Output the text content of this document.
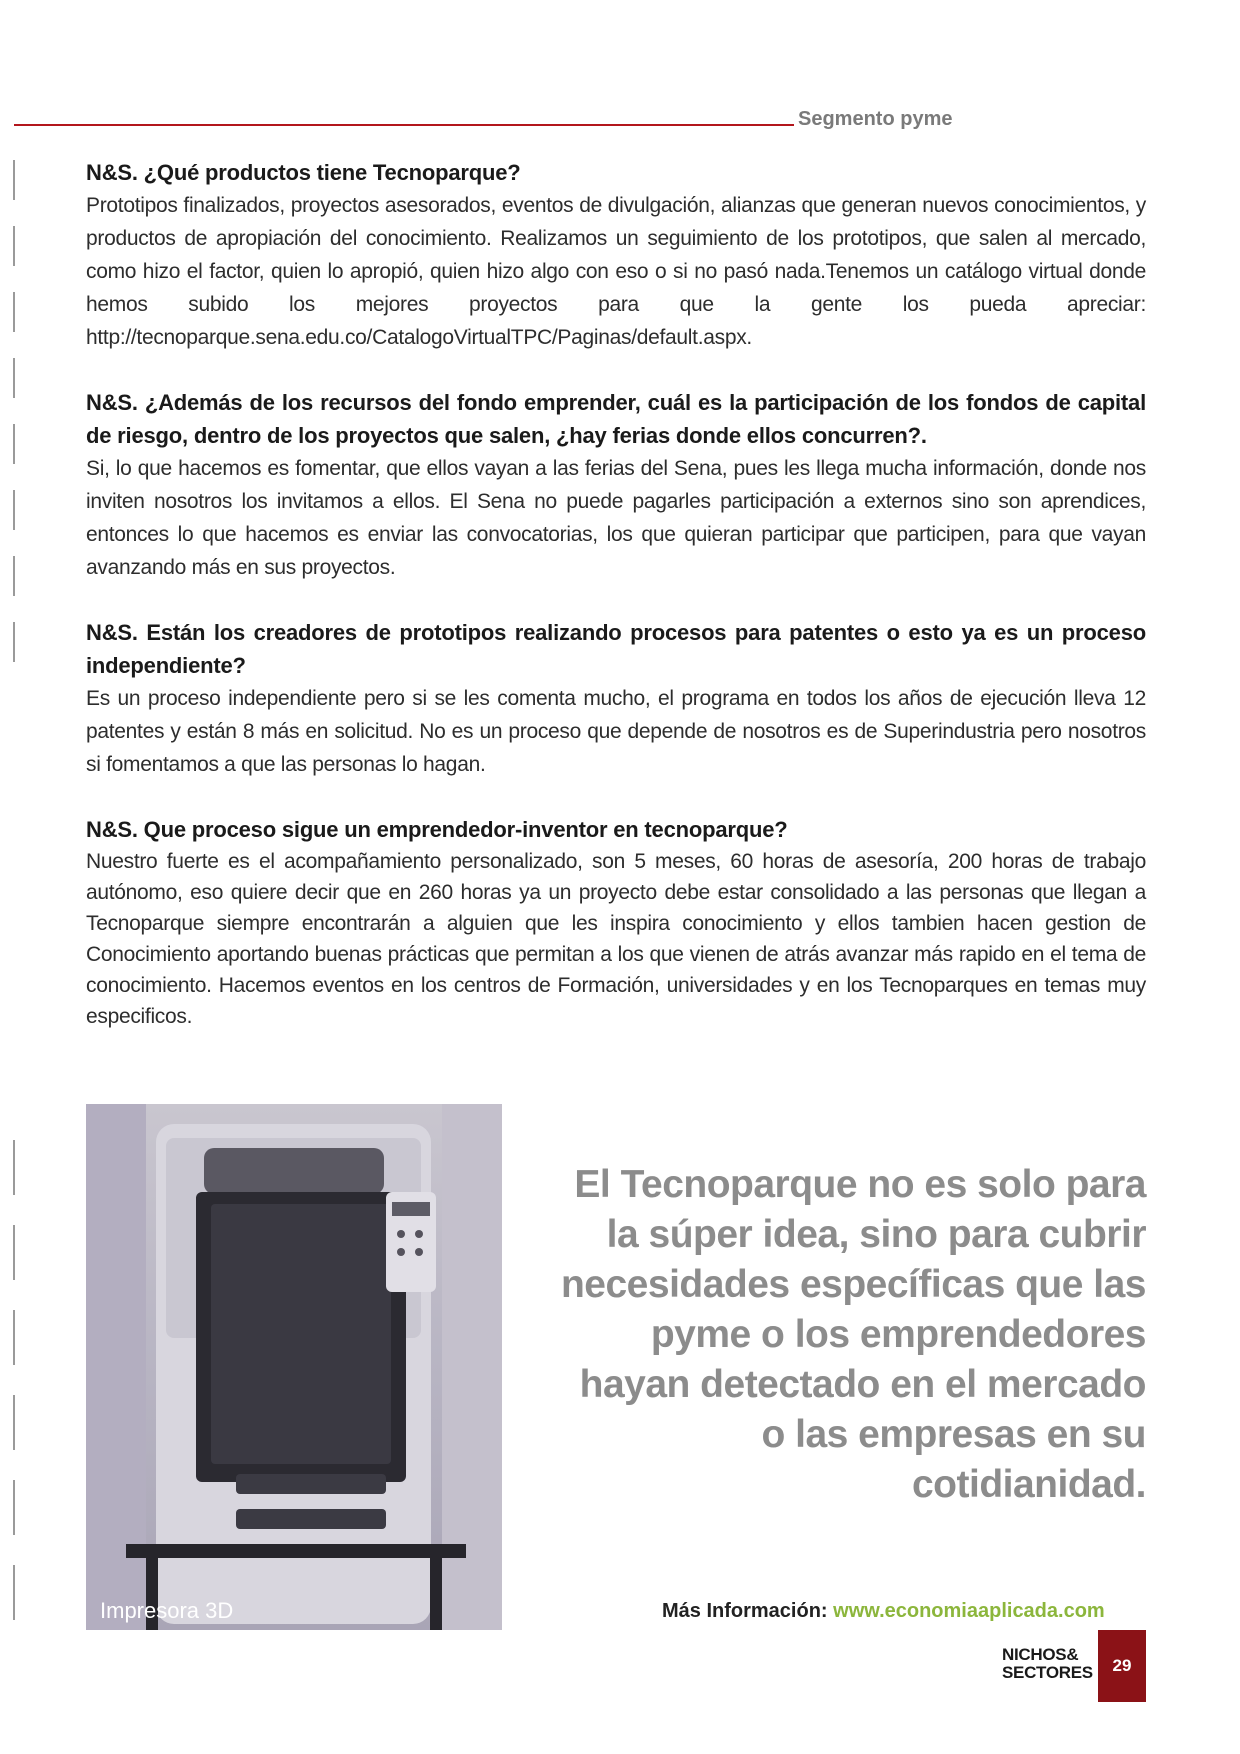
Segmento pyme

N&S. ¿Qué productos tiene Tecnoparque?

Prototipos finalizados, proyectos asesorados, eventos de divulgación, alianzas que generan nuevos conocimientos, y productos de apropiación del conocimiento. Realizamos un seguimiento de los prototipos, que salen al mercado, como hizo el factor, quien lo apropió, quien hizo algo con eso o si no pasó nada.Tenemos un catálogo virtual donde hemos subido los mejores proyectos para que la gente los pueda apreciar: http://tecnoparque.sena.edu.co/CatalogoVirtualTPC/Paginas/default.aspx.

N&S. ¿Además de los recursos del fondo emprender, cuál es la participación de los fondos de capital de riesgo, dentro de los proyectos que salen, ¿hay ferias donde ellos concurren?.

Si, lo que hacemos es fomentar, que ellos vayan a las ferias del Sena, pues les llega mucha información, donde nos inviten nosotros los invitamos a ellos. El Sena no puede pagarles participación a externos sino son aprendices, entonces lo que hacemos es enviar las convocatorias, los que quieran participar que participen, para que vayan avanzando más en sus proyectos.

N&S. Están los creadores de prototipos realizando procesos para patentes o esto ya es un proceso independiente?

Es un proceso independiente pero si se les comenta mucho, el programa en todos los años de ejecución lleva 12 patentes y están 8 más en solicitud. No es un proceso que depende de nosotros es de Superindustria pero nosotros si fomentamos a que las personas lo hagan.

N&S. Que proceso sigue un emprendedor-inventor en tecnoparque?

Nuestro fuerte es el acompañamiento personalizado, son 5 meses, 60 horas de asesoría, 200 horas de trabajo autónomo, eso quiere decir que en 260 horas ya un proyecto debe estar consolidado a las personas que llegan a Tecnoparque siempre encontrarán a alguien que les inspira conocimiento y ellos tambien hacen gestion de Conocimiento aportando buenas prácticas que permitan a los que vienen de atrás avanzar más rapido en el tema de conocimiento. Hacemos eventos en los centros de Formación, universidades y en los Tecnoparques en temas muy especificos.

Impresora 3D
El Tecnoparque no es solo para la súper idea, sino para cubrir necesidades específicas que las pyme o los emprendedores hayan detectado en el mercado o las empresas en su cotidianidad.
Más Información: www.economiaaplicada.com
NICHOS&
SECTORES	29
